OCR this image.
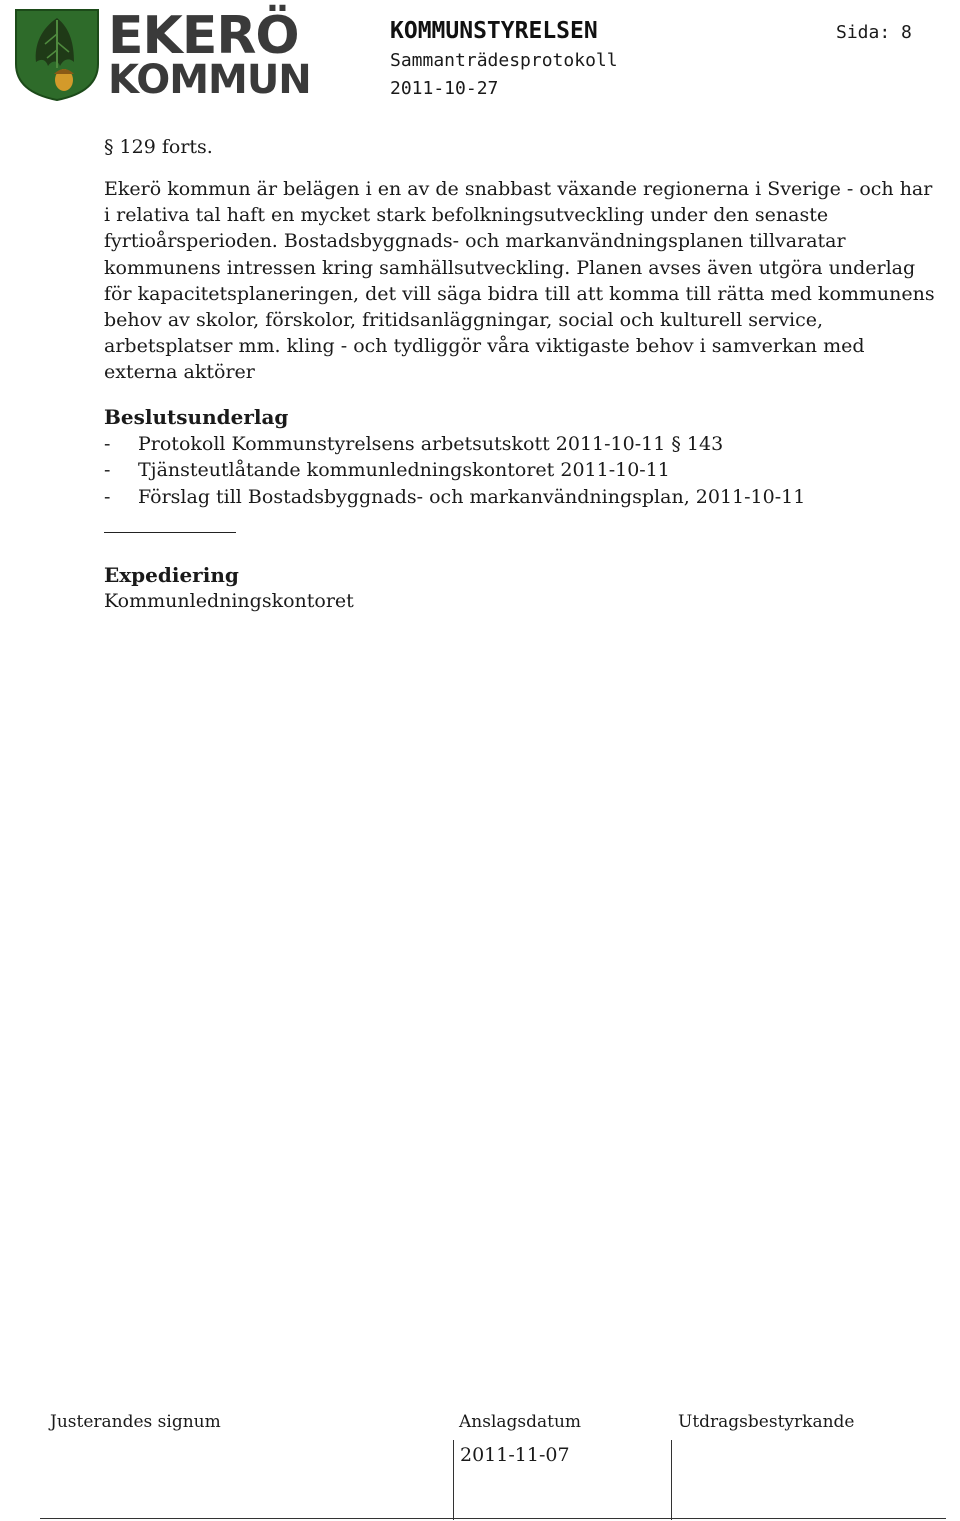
EKERÖ
KOMMUN
KOMMUNSTYRELSEN
Sammanträdesprotokoll
2011-10-27
Sida: 8
§ 129 forts.

Ekerö kommun är belägen i en av de snabbast växande regionerna i Sverige - och har i relativa tal haft en mycket stark befolkningsutveckling under den senaste fyrtioårsperioden. Bostadsbyggnads- och markanvändningsplanen tillvaratar kommunens intressen kring samhällsutveckling. Planen avses även utgöra underlag för kapacitetsplaneringen, det vill säga bidra till att komma till rätta med kommunens behov av skolor, förskolor, fritidsanläggningar, social och kulturell service, arbetsplatser mm. kling - och tydliggör våra viktigaste behov i samverkan med externa aktörer

Beslutsunderlag
- Protokoll Kommunstyrelsens arbetsutskott 2011-10-11 § 143
- Tjänsteutlåtande kommunledningskontoret 2011-10-11
- Förslag till Bostadsbyggnads- och markanvändningsplan, 2011-10-11
Expediering
Kommunledningskontoret
Justerandes signum	Anslagsdatum	Utdragsbestyrkande
2011-11-07
